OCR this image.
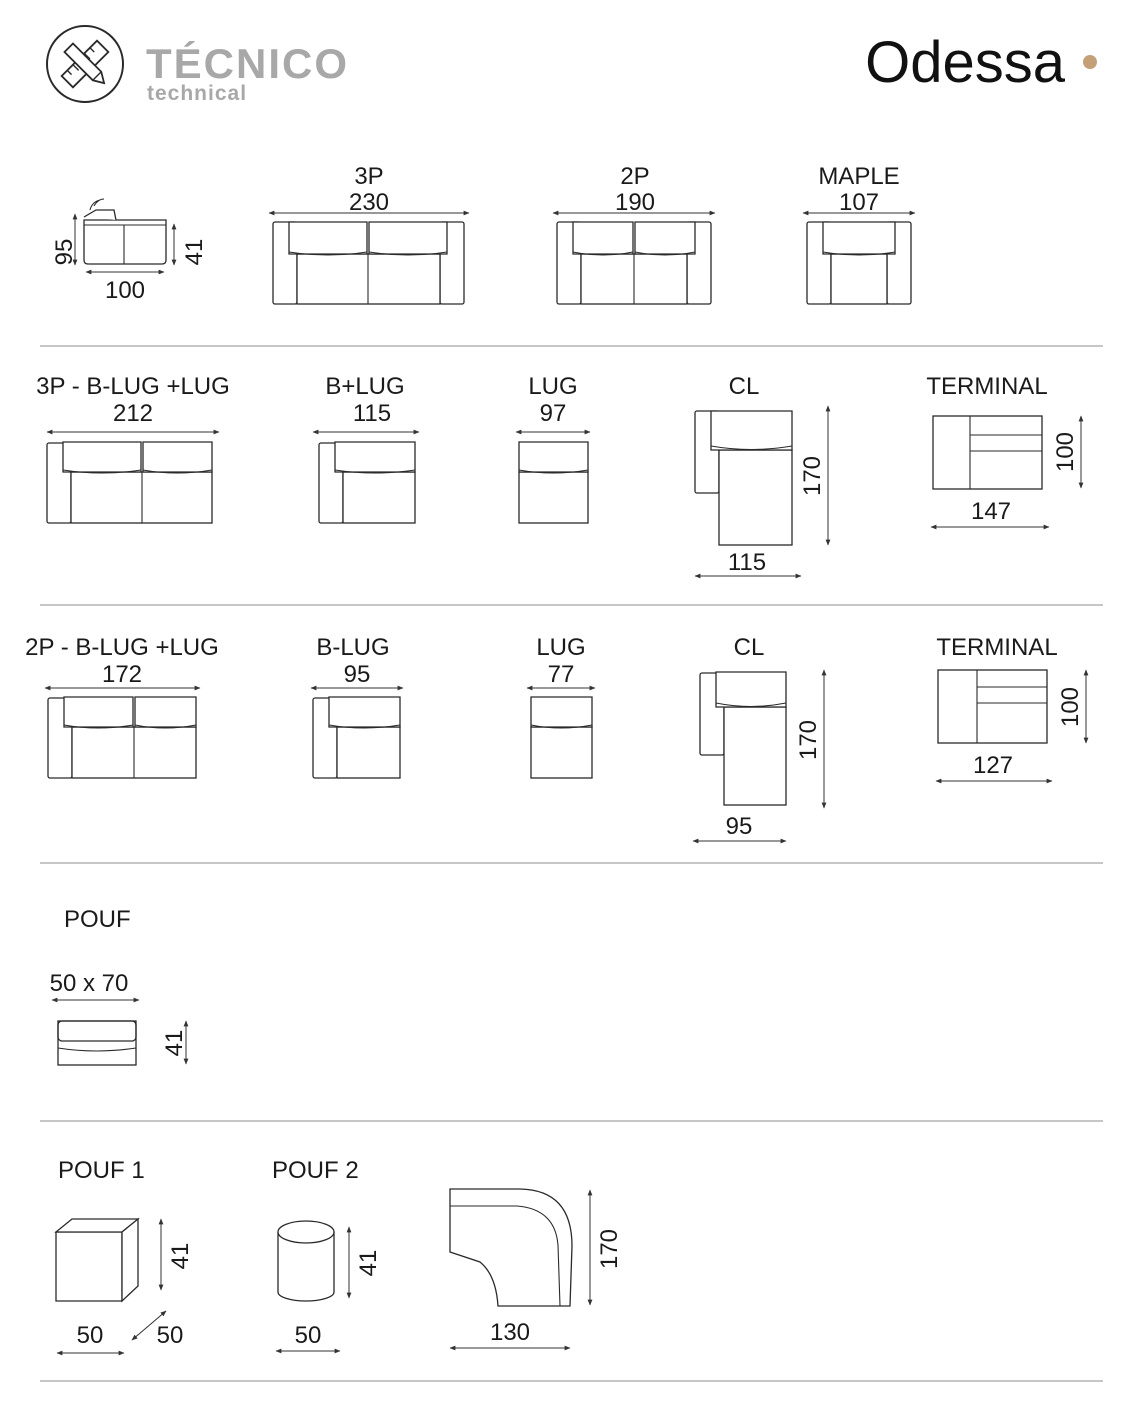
TÉCNICO
technical	Odessa
95	41
100
3P
230
2P
190
MAPLE
107
3P - B-LUG +LUG
212
B+LUG
115
LUG
97
CL
170
115
TERMINAL
100
147
2P - B-LUG +LUG
172
B-LUG
95
LUG
77
CL
170
95
TERMINAL
100
127
POUF
50 x 70
41
POUF 1
41
50 50
POUF 2
41
50
170
130
